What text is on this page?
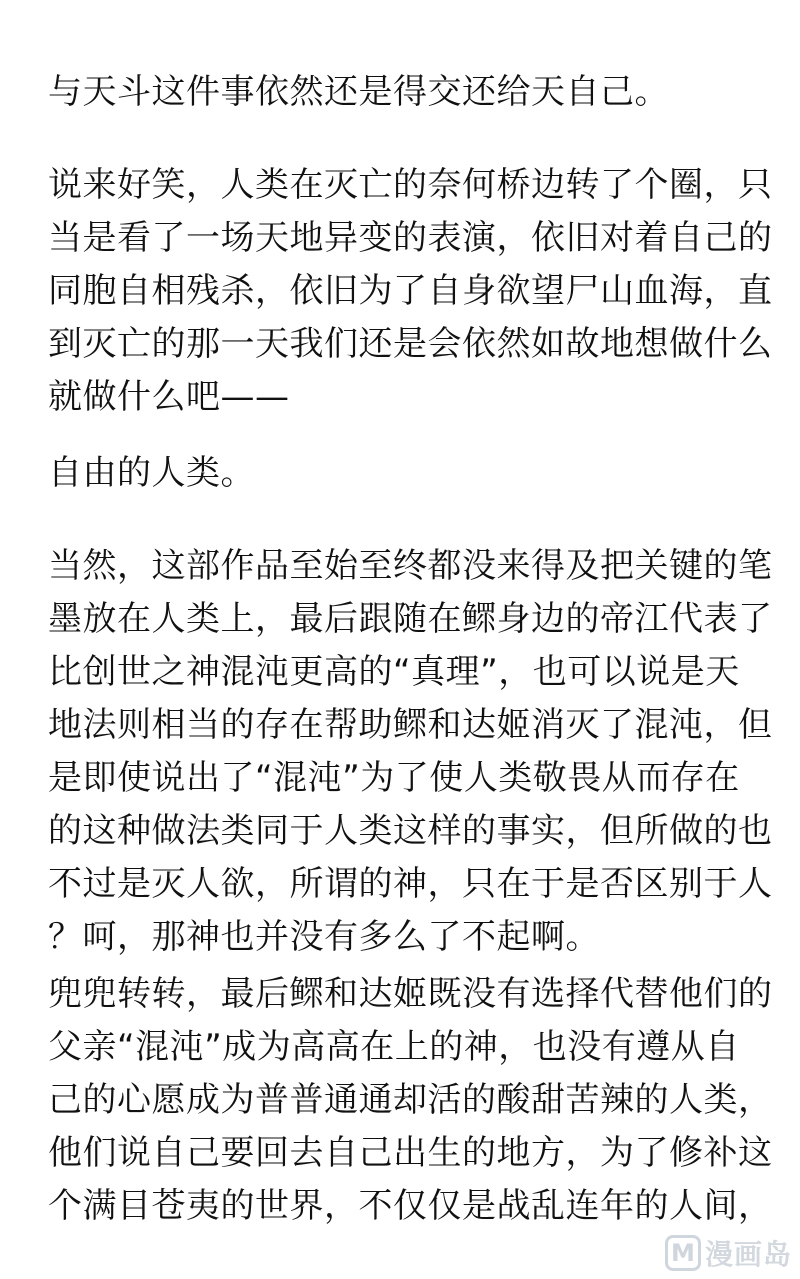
与天斗这件事依然还是得交还给天自己。
说来好笑，人类在灭亡的奈何桥边转了个圈，只
当是看了一场天地异变的表演，依旧对着自己的
同胞自相残杀，依旧为了自身欲望尸山血海，直
到灭亡的那一天我们还是会依然如故地想做什么
就做什么吧——
自由的人类。
当然，这部作品至始至终都没来得及把关键的笔
墨放在人类上，最后跟随在鳏身边的帝江代表了
比创世之神混沌更高的“真理”，也可以说是天
地法则相当的存在帮助鳏和达姬消灭了混沌，但
是即使说出了“混沌”为了使人类敬畏从而存在
的这种做法类同于人类这样的事实，但所做的也
不过是灭人欲，所谓的神，只在于是否区别于人
？呵，那神也并没有多么了不起啊。
兜兜转转，最后鳏和达姬既没有选择代替他们的
父亲“混沌”成为高高在上的神，也没有遵从自
己的心愿成为普普通通却活的酸甜苦辣的人类，
他们说自己要回去自己出生的地方，为了修补这
个满目苍夷的世界，不仅仅是战乱连年的人间，
M 漫画岛
